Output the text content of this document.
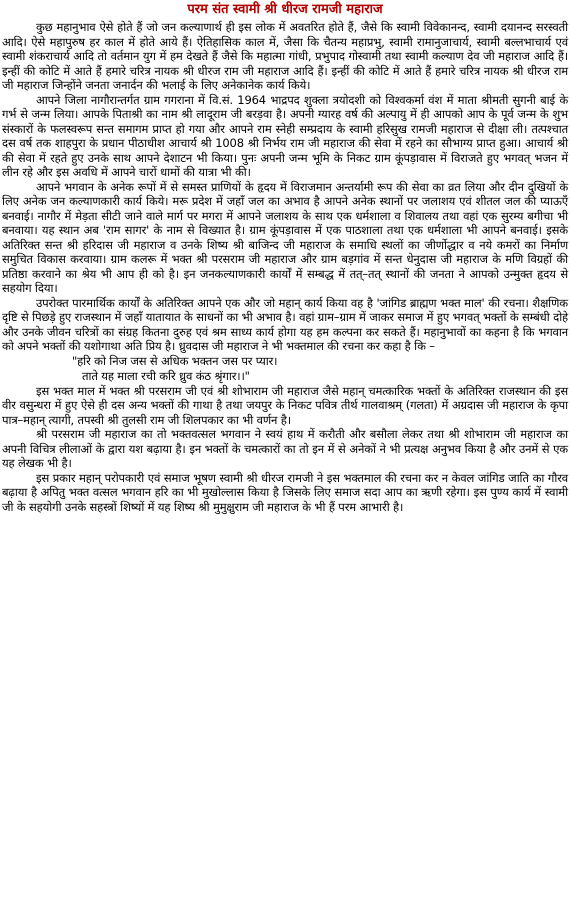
परम संत स्वामी श्री धीरज रामजी महाराज

कुछ महानुभाव ऐसे होते हैं जो जन कल्याणार्थ ही इस लोक में अवतरित होते हैं, जैसे कि स्वामी विवेकानन्द, स्वामी दयानन्द सरस्वती आदि। ऐसे महापुरुष हर काल में होते आये हैं। ऐतिहासिक काल में, जैसा कि चैतन्य महाप्रभु, स्वामी रामानुजाचार्य, स्वामी बल्लभाचार्य एवं स्वामी शंकराचार्य आदि तो वर्तमान युग में हम देखते हैं जैसे कि महात्मा गांधी, प्रभुपाद गोस्वामी तथा स्वामी कल्याण देव जी महाराज आदि हैं। इन्हीं की कोटि में आते हैं हमारे चरित्र नायक श्री धीरज राम जी महाराज आदि हैं। इन्हीं की कोटि में आते हैं हमारे चरित्र नायक श्री धीरज राम जी महाराज जिन्होंने जनता जनार्दन की भलाई के लिए अनेकानेक कार्य किये।

आपने जिला नागौरान्तर्गत ग्राम गगराना में वि.सं. 1964 भाद्रपद शुक्ला त्रयोदशी को विश्वकर्मा वंश में माता श्रीमती सुगनी बाई के गर्भ से जन्म लिया। आपके पिताश्री का नाम श्री लादूराम जी बरड़वा है। अपनी ग्यारह वर्ष की अल्पायु में ही आपको आप के पूर्व जन्म के शुभ संस्कारों के फलस्वरूप सन्त समागम प्राप्त हो गया और आपने राम स्नेही सम्प्रदाय के स्वामी हरिसुख रामजी महाराज से दीक्षा ली। तत्पश्चात दस वर्ष तक शाहपुरा के प्रधान पीठाधीश आचार्य श्री 1008 श्री निर्भय राम जी महाराज की सेवा में रहने का सौभाग्य प्राप्त हुआ। आचार्य श्री की सेवा में रहते हुए उनके साथ आपने देशाटन भी किया। पुनः अपनी जन्म भूमि के निकट ग्राम कूंपड़ावास में विराजते हुए भगवत् भजन में लीन रहे और इस अवधि में आपने चारों धामों की यात्रा भी की।

आपने भगवान के अनेक रूपों में से समस्त प्राणियों के हृदय में विराजमान अन्तर्यामी रूप की सेवा का व्रत लिया और दीन दुखियों के लिए अनेक जन कल्याणकारी कार्य किये। मरू प्रदेश में जहाँ जल का अभाव है आपने अनेक स्थानों पर जलाशय एवं शीतल जल की प्याऊएँ बनवाई। नागौर में मेड़ता सीटी जाने वाले मार्ग पर मगरा में आपने जलाशय के साथ एक धर्मशाला व शिवालय तथा वहां एक सुरम्य बगीचा भी बनवाया। यह स्थान अब 'राम सागर' के नाम से विख्यात है। ग्राम कूंपड़ावास में एक पाठशाला तथा एक धर्मशाला भी आपने बनवाई। इसके अतिरिक्त सन्त श्री हरिदास जी महाराज व उनके शिष्य श्री बाजिन्द जी महाराज के समाधि स्थलों का जीर्णोद्धार व नये कमरों का निर्माण समुचित विकास करवाया। ग्राम कलरू में भक्त श्री परसराम जी महाराज और ग्राम बड़गांव में सन्त धेनुदास जी महाराज के मणि विग्रहों की प्रतिष्ठा करवाने का श्रेय भी आप ही को है। इन जनकल्याणकारी कार्यों में सम्बद्ध में तत्–तत् स्थानों की जनता ने आपको उन्मुक्त हृदय से सहयोग दिया।

उपरोक्त पारमार्थिक कार्यों के अतिरिक्त आपने एक और जो महान् कार्य किया वह है 'जांगिड ब्राह्मण भक्त माल' की रचना। शैक्षणिक दृष्टि से पिछड़े हुए राजस्थान में जहाँ यातायात के साधनों का भी अभाव है। वहां ग्राम–ग्राम में जाकर समाज में हुए भगवत् भक्तों के सम्बंधी दोहे और उनके जीवन चरित्रों का संग्रह कितना दुरुह एवं श्रम साध्य कार्य होगा यह हम कल्पना कर सकते हैं। महानुभावों का कहना है कि भगवान को अपने भक्तों की यशोगाथा अति प्रिय है। ध्रुवदास जी महाराज ने भी भक्तमाल की रचना कर कहा है कि –

"हरि को निज जस से अधिक भक्तन जस पर प्यार।

ताते यह माला रची करि ध्रुव कंठ श्रृंगार।।"

इस भक्त माल में भक्त श्री परसराम जी एवं श्री शोभाराम जी महाराज जैसे महान् चमत्कारिक भक्तों के अतिरिक्त राजस्थान की इस वीर वसुन्धरा में हुए ऐसे ही दस अन्य भक्तों की गाथा है तथा जयपुर के निकट पवित्र तीर्थ गालवाश्रम् (गलता) में अग्रदास जी महाराज के कृपा पात्र–महान् त्यागी, तपस्वी श्री तुलसी राम जी शिलपकार का भी वर्णन है।

श्री परसराम जी महाराज का तो भक्तवत्सल भगवान ने स्वयं हाथ में करौती और बसौला लेकर तथा श्री शोभाराम जी महाराज का अपनी विचित्र लीलाओं के द्वारा यश बढ़ाया है। इन भक्तों के चमत्कारों का तो इन में से अनेकों ने भी प्रत्यक्ष अनुभव किया है और उनमें से एक यह लेखक भी है।

इस प्रकार महान् परोपकारी एवं समाज भूषण स्वामी श्री धीरज रामजी ने इस भक्तमाल की रचना कर न केवल जांगिड जाति का गौरव बढ़ाया है अपितु भक्त वत्सल भगवान हरि का भी मुखोल्लास किया है जिसके लिए समाज सदा आप का ऋणी रहेगा। इस पुण्य कार्य में स्वामी जी के सहयोगी उनके सहस्त्रों शिष्यों में यह शिष्य श्री मुमुक्षुराम जी महाराज के भी हैं परम आभारी है।
